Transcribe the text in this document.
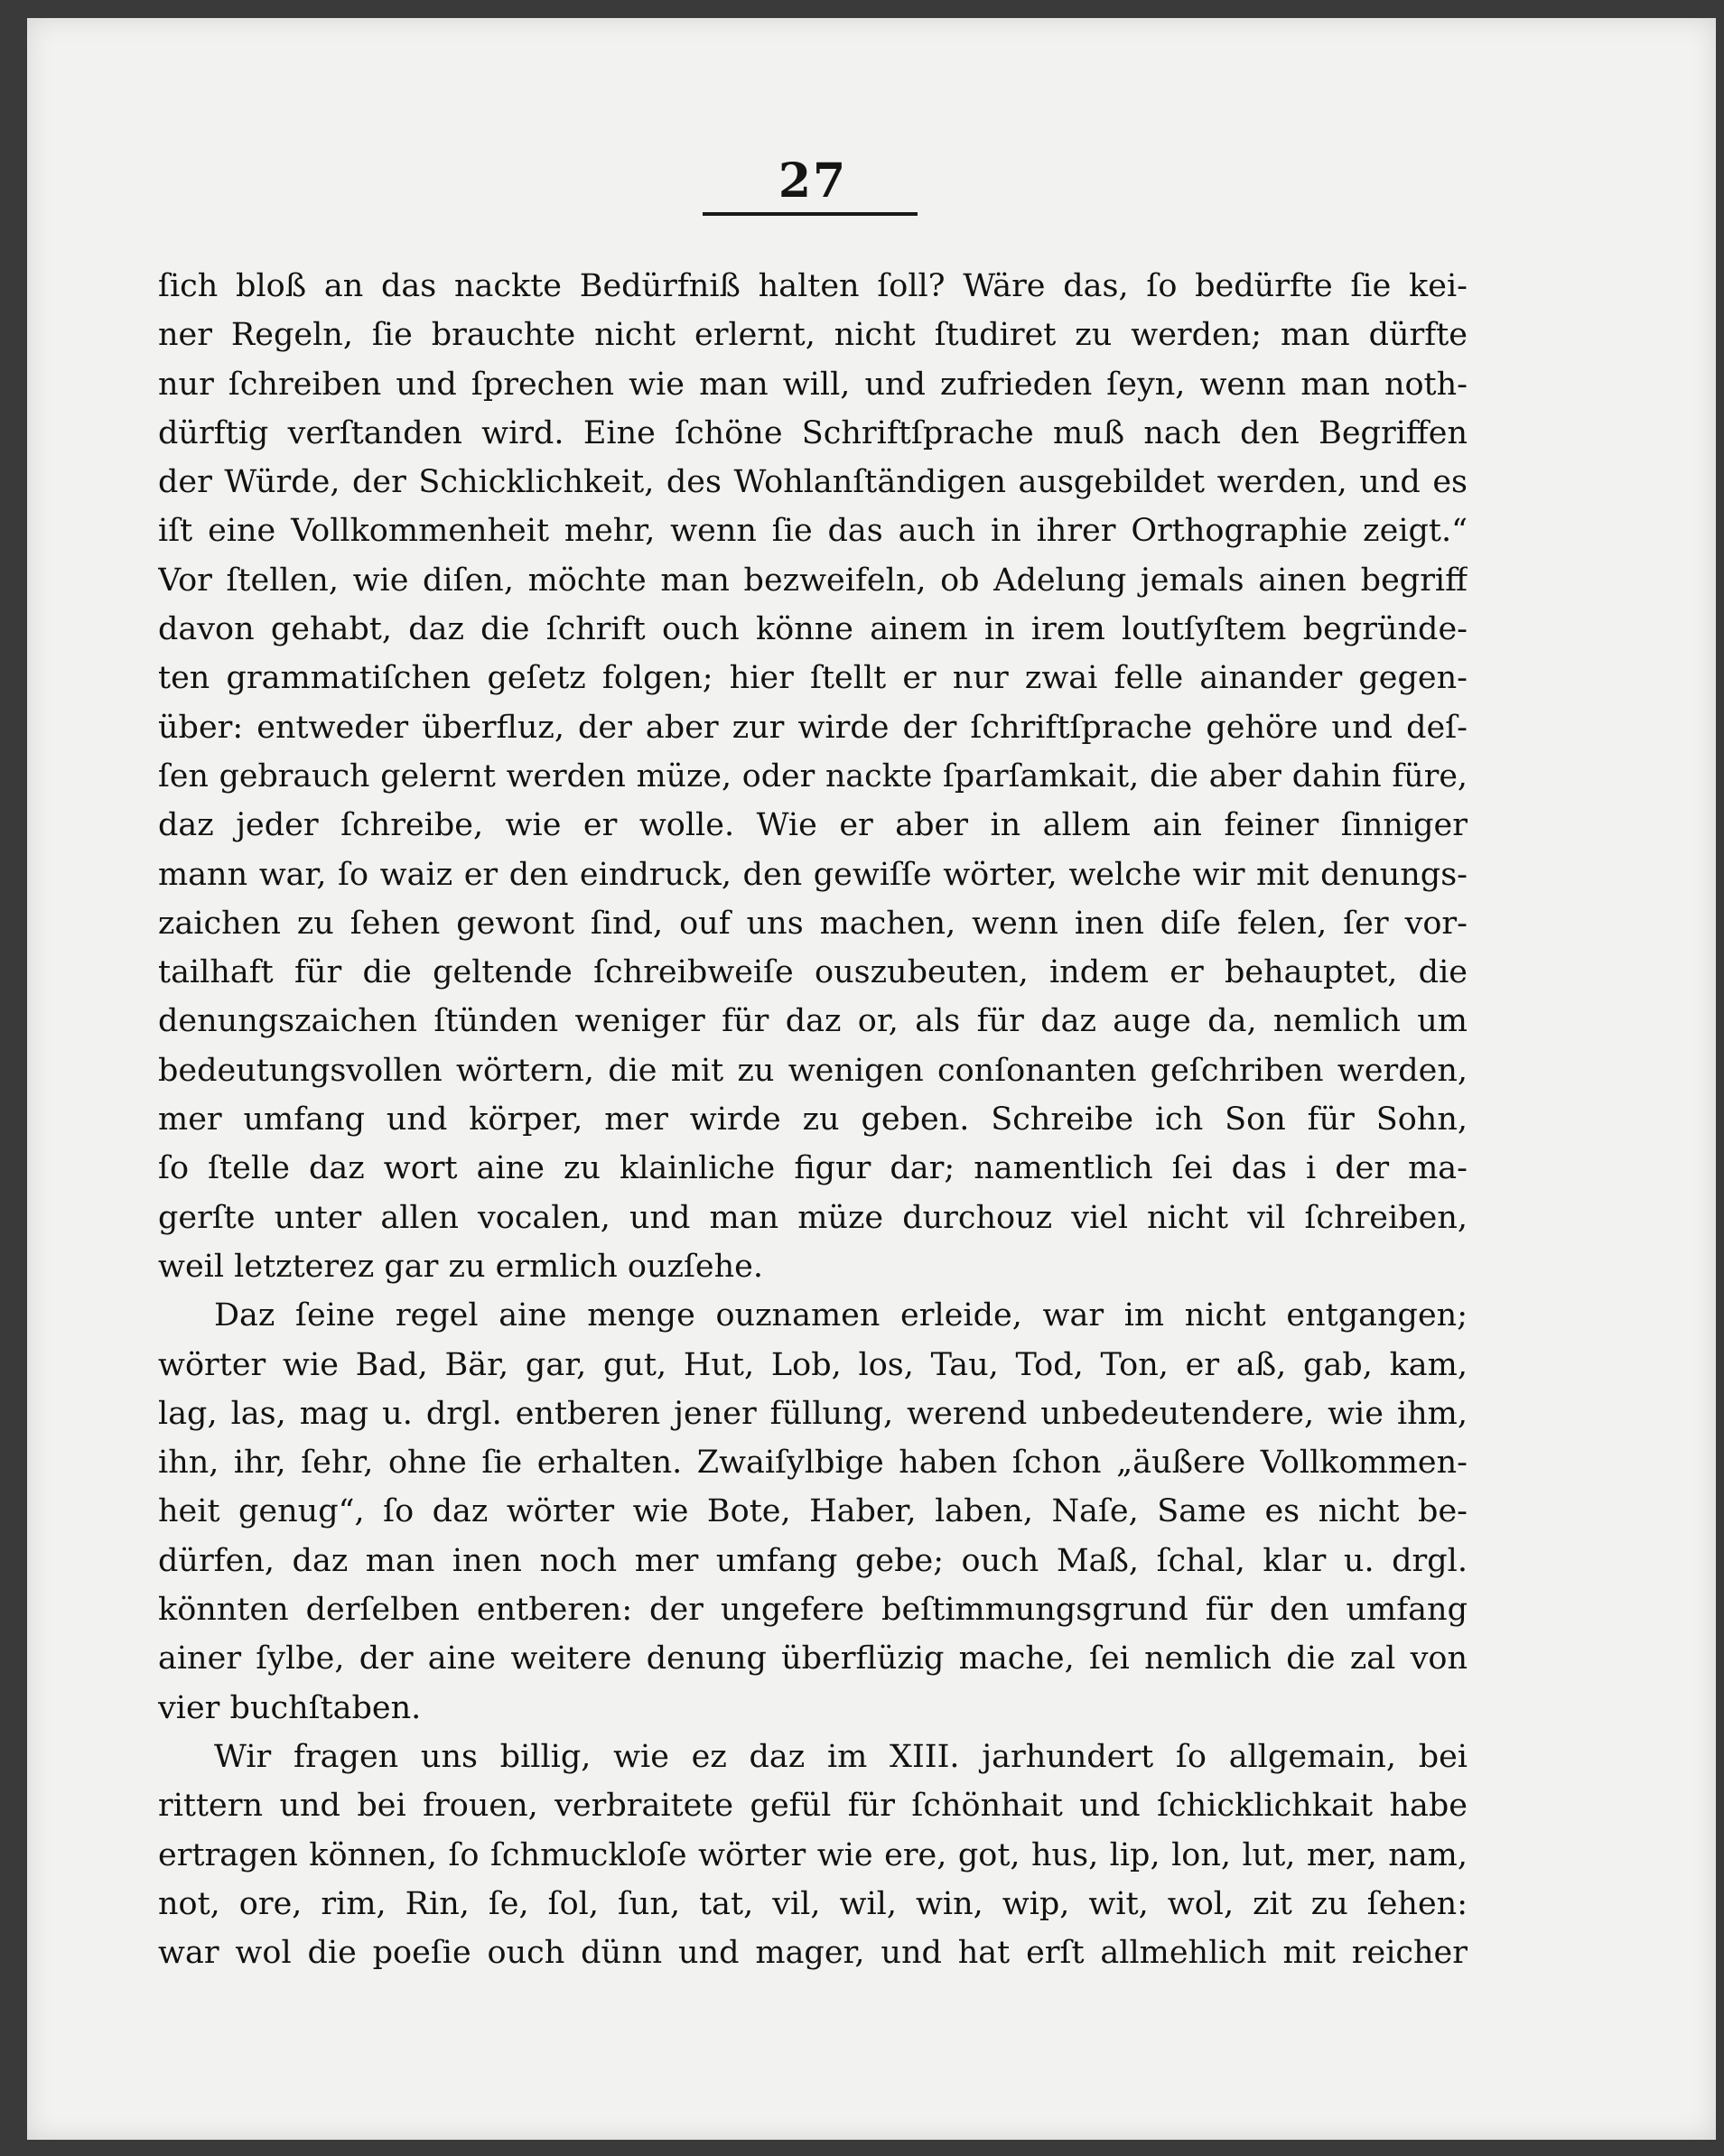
27

ſich bloß an das nackte Bedürfniß halten ſoll? Wäre das, ſo bedürfte ſie kei-
ner Regeln, ſie brauchte nicht erlernt, nicht ſtudiret zu werden; man dürfte
nur ſchreiben und ſprechen wie man will, und zufrieden ſeyn, wenn man noth-
dürftig verſtanden wird. Eine ſchöne Schriftſprache muß nach den Begriffen
der Würde, der Schicklichkeit, des Wohlanſtändigen ausgebildet werden, und es
iſt eine Vollkommenheit mehr, wenn ſie das auch in ihrer Orthographie zeigt.“
Vor ſtellen, wie diſen, möchte man bezweifeln, ob Adelung jemals ainen begriff
davon gehabt, daz die ſchrift ouch könne ainem in irem loutſyſtem begründe-
ten grammatiſchen geſetz folgen; hier ſtellt er nur zwai felle ainander gegen-
über: entweder überfluz, der aber zur wirde der ſchriftſprache gehöre und deſ-
ſen gebrauch gelernt werden müze, oder nackte ſparſamkait, die aber dahin füre,
daz jeder ſchreibe, wie er wolle. Wie er aber in allem ain feiner ſinniger
mann war, ſo waiz er den eindruck, den gewiſſe wörter, welche wir mit denungs-
zaichen zu ſehen gewont ſind, ouf uns machen, wenn inen diſe felen, ſer vor-
tailhaft für die geltende ſchreibweiſe ouszubeuten, indem er behauptet, die
denungszaichen ſtünden weniger für daz or, als für daz auge da, nemlich um
bedeutungsvollen wörtern, die mit zu wenigen conſonanten geſchriben werden,
mer umfang und körper, mer wirde zu geben. Schreibe ich Son für Sohn,
ſo ſtelle daz wort aine zu klainliche figur dar; namentlich ſei das i der ma-
gerſte unter allen vocalen, und man müze durchouz viel nicht vil ſchreiben,
weil letzterez gar zu ermlich ouzſehe.

Daz ſeine regel aine menge ouznamen erleide, war im nicht entgangen;
wörter wie Bad, Bär, gar, gut, Hut, Lob, los, Tau, Tod, Ton, er aß, gab, kam,
lag, las, mag u. drgl. entberen jener füllung, werend unbedeutendere, wie ihm,
ihn, ihr, ſehr, ohne ſie erhalten. Zwaiſylbige haben ſchon „äußere Vollkommen-
heit genug“, ſo daz wörter wie Bote, Haber, laben, Naſe, Same es nicht be-
dürfen, daz man inen noch mer umfang gebe; ouch Maß, ſchal, klar u. drgl.
könnten derſelben entberen: der ungefere beſtimmungsgrund für den umfang
ainer ſylbe, der aine weitere denung überflüzig mache, ſei nemlich die zal von
vier buchſtaben.

Wir fragen uns billig, wie ez daz im XIII. jarhundert ſo allgemain, bei
rittern und bei frouen, verbraitete gefül für ſchönhait und ſchicklichkait habe
ertragen können, ſo ſchmuckloſe wörter wie ere, got, hus, lip, lon, lut, mer, nam,
not, ore, rim, Rin, ſe, ſol, ſun, tat, vil, wil, win, wip, wit, wol, zit zu ſehen:
war wol die poeſie ouch dünn und mager, und hat erſt allmehlich mit reicher
